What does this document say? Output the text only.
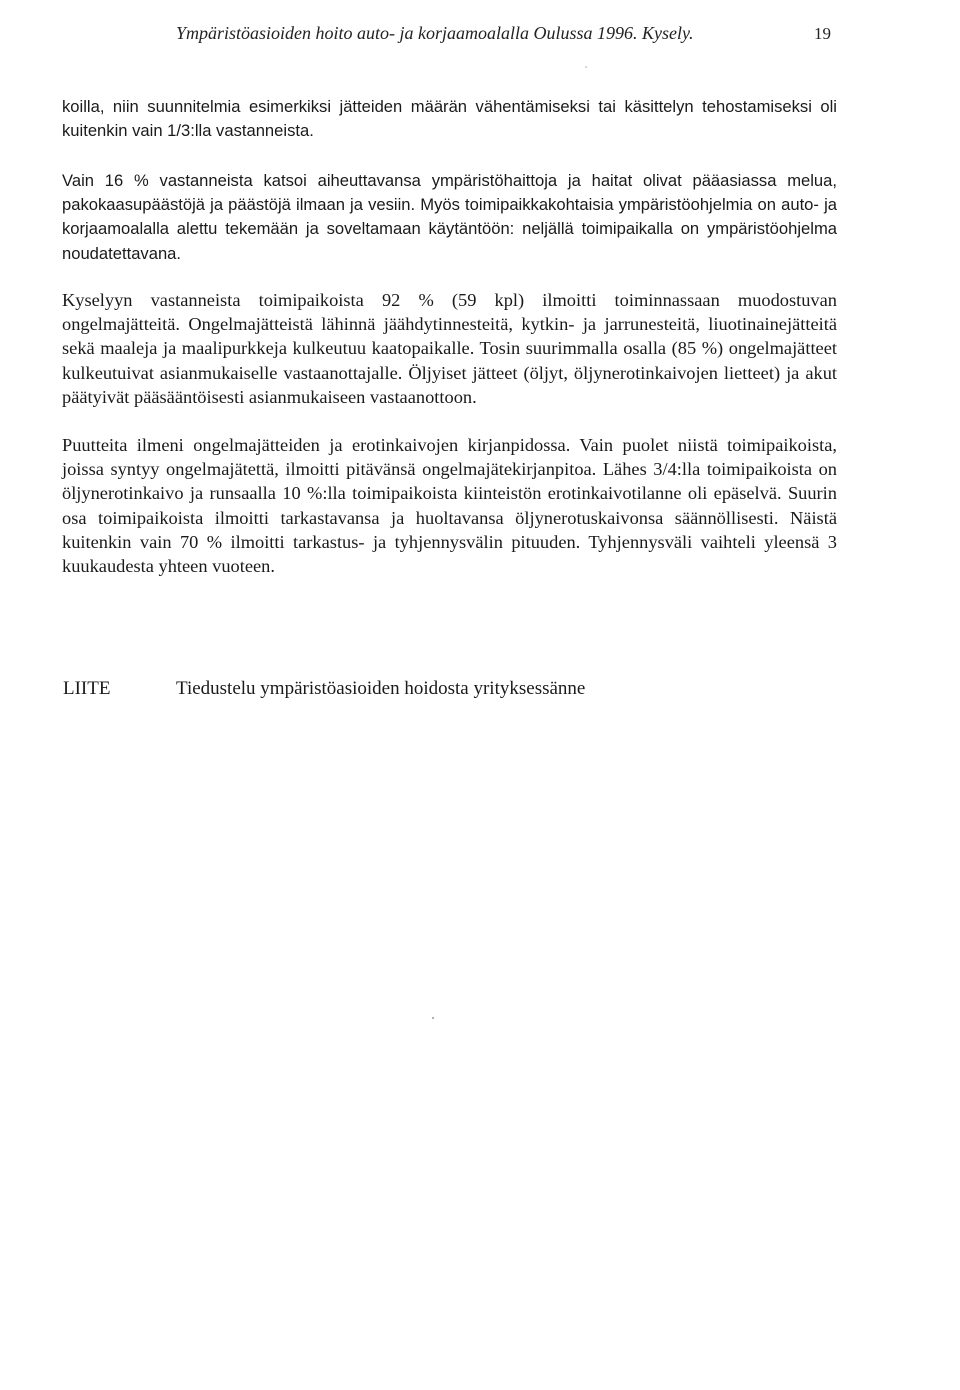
Ympäristöasioiden hoito auto- ja korjaamoalalla Oulussa 1996. Kysely.	19

koilla, niin suunnitelmia esimerkiksi jätteiden määrän vähentämiseksi tai käsittelyn tehostamiseksi oli kuitenkin vain 1/3:lla vastanneista.

Vain 16 % vastanneista katsoi aiheuttavansa ympäristöhaittoja ja haitat olivat pääasiassa melua, pakokaasupäästöjä ja päästöjä ilmaan ja vesiin. Myös toimipaikkakohtaisia ympäristöohjelmia on auto- ja korjaamoalalla alettu tekemään ja soveltamaan käytäntöön: neljällä toimipaikalla on ympäristöohjelma noudatettavana.

Kyselyyn vastanneista toimipaikoista 92 % (59 kpl) ilmoitti toiminnassaan muodostuvan ongelmajätteitä. Ongelmajätteistä lähinnä jäähdytinnesteitä, kytkin- ja jarrunesteitä, liuotinainejätteitä sekä maaleja ja maalipurkkeja kulkeutuu kaatopaikalle. Tosin suurimmalla osalla (85 %) ongelmajätteet kulkeutuivat asianmukaiselle vastaanottajalle. Öljyiset jätteet (öljyt, öljynerotinkaivojen lietteet) ja akut päätyivät pääsääntöisesti asianmukaiseen vastaanottoon.

Puutteita ilmeni ongelmajätteiden ja erotinkaivojen kirjanpidossa. Vain puolet niistä toimipaikoista, joissa syntyy ongelmajätettä, ilmoitti pitävänsä ongelmajätekirjanpitoa. Lähes 3/4:lla toimipaikoista on öljynerotinkaivo ja runsaalla 10 %:lla toimipaikoista kiinteistön erotinkaivotilanne oli epäselvä. Suurin osa toimipaikoista ilmoitti tarkastavansa ja huoltavansa öljynerotuskaivonsa säännöllisesti. Näistä kuitenkin vain 70 % ilmoitti tarkastus- ja tyhjennysvälin pituuden. Tyhjennysväli vaihteli yleensä 3 kuukaudesta yhteen vuoteen.

LIITE	Tiedustelu ympäristöasioiden hoidosta yrityksessänne
